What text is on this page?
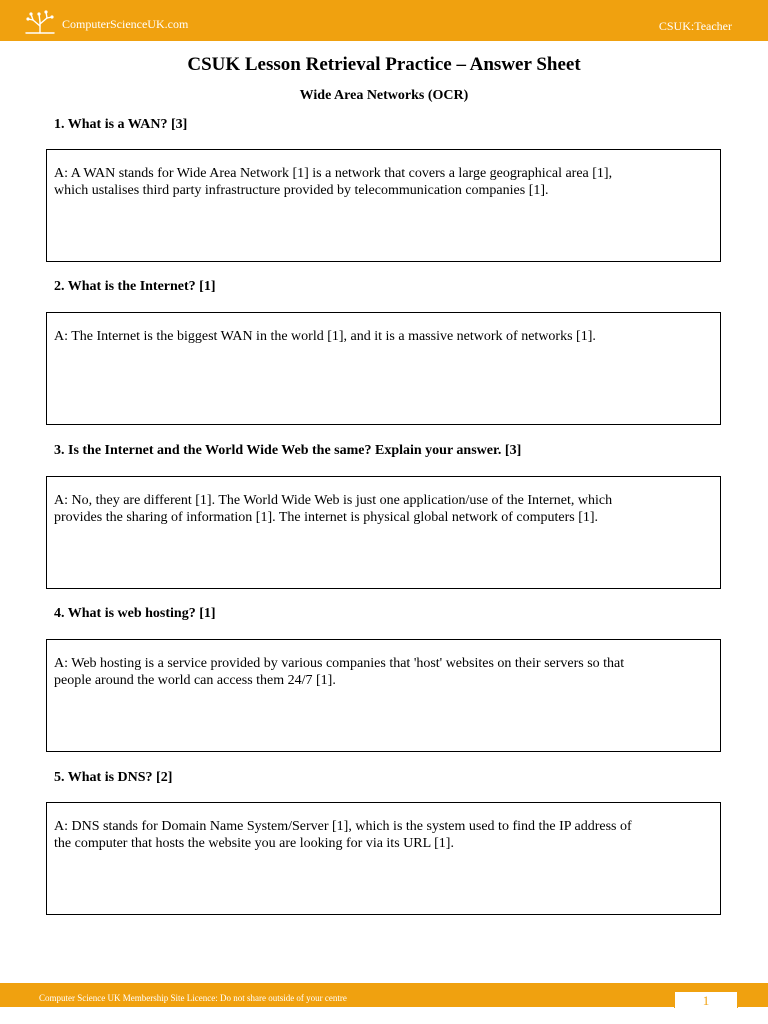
ComputerScienceUK.com	CSUK:Teacher
CSUK Lesson Retrieval Practice – Answer Sheet
Wide Area Networks (OCR)
1. What is a WAN? [3]
A: A WAN stands for Wide Area Network [1] is a network that covers a large geographical area [1],
which ustalises third party infrastructure provided by telecommunication companies [1].
2. What is the Internet? [1]
A: The Internet is the biggest WAN in the world [1], and it is a massive network of networks [1].
3. Is the Internet and the World Wide Web the same? Explain your answer. [3]
A: No, they are different [1]. The World Wide Web is just one application/use of the Internet, which
provides the sharing of information [1]. The internet is physical global network of computers [1].
4. What is web hosting? [1]
A: Web hosting is a service provided by various companies that 'host' websites on their servers so that
people around the world can access them 24/7 [1].
5. What is DNS? [2]
A: DNS stands for Domain Name System/Server [1], which is the system used to find the IP address of
the computer that hosts the website you are looking for via its URL [1].
Computer Science UK Membership Site Licence: Do not share outside of your centre	1
